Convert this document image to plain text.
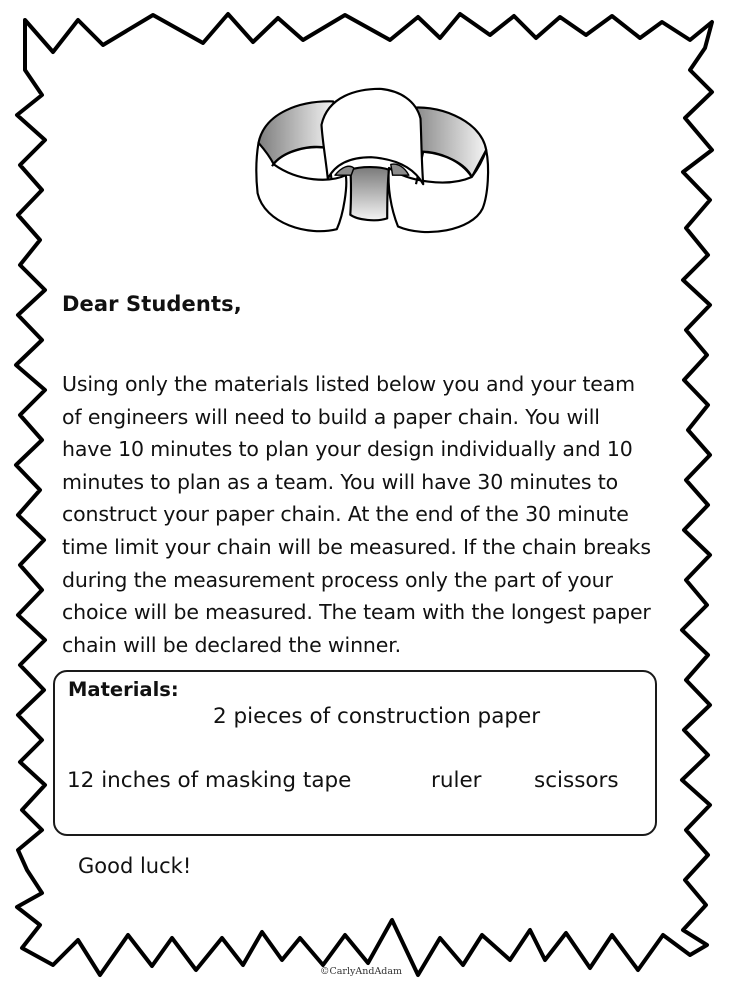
Dear Students,
Using only the materials listed below you and your team
of engineers will need to build a paper chain. You will
have 10 minutes to plan your design individually and 10
minutes to plan as a team. You will have 30 minutes to
construct your paper chain. At the end of the 30 minute
time limit your chain will be measured. If the chain breaks
during the measurement process only the part of your
choice will be measured. The team with the longest paper
chain will be declared the winner.
Materials:
2 pieces of construction paper
12 inches of masking tape	ruler scissors
Good luck!
©CarlyAndAdam
